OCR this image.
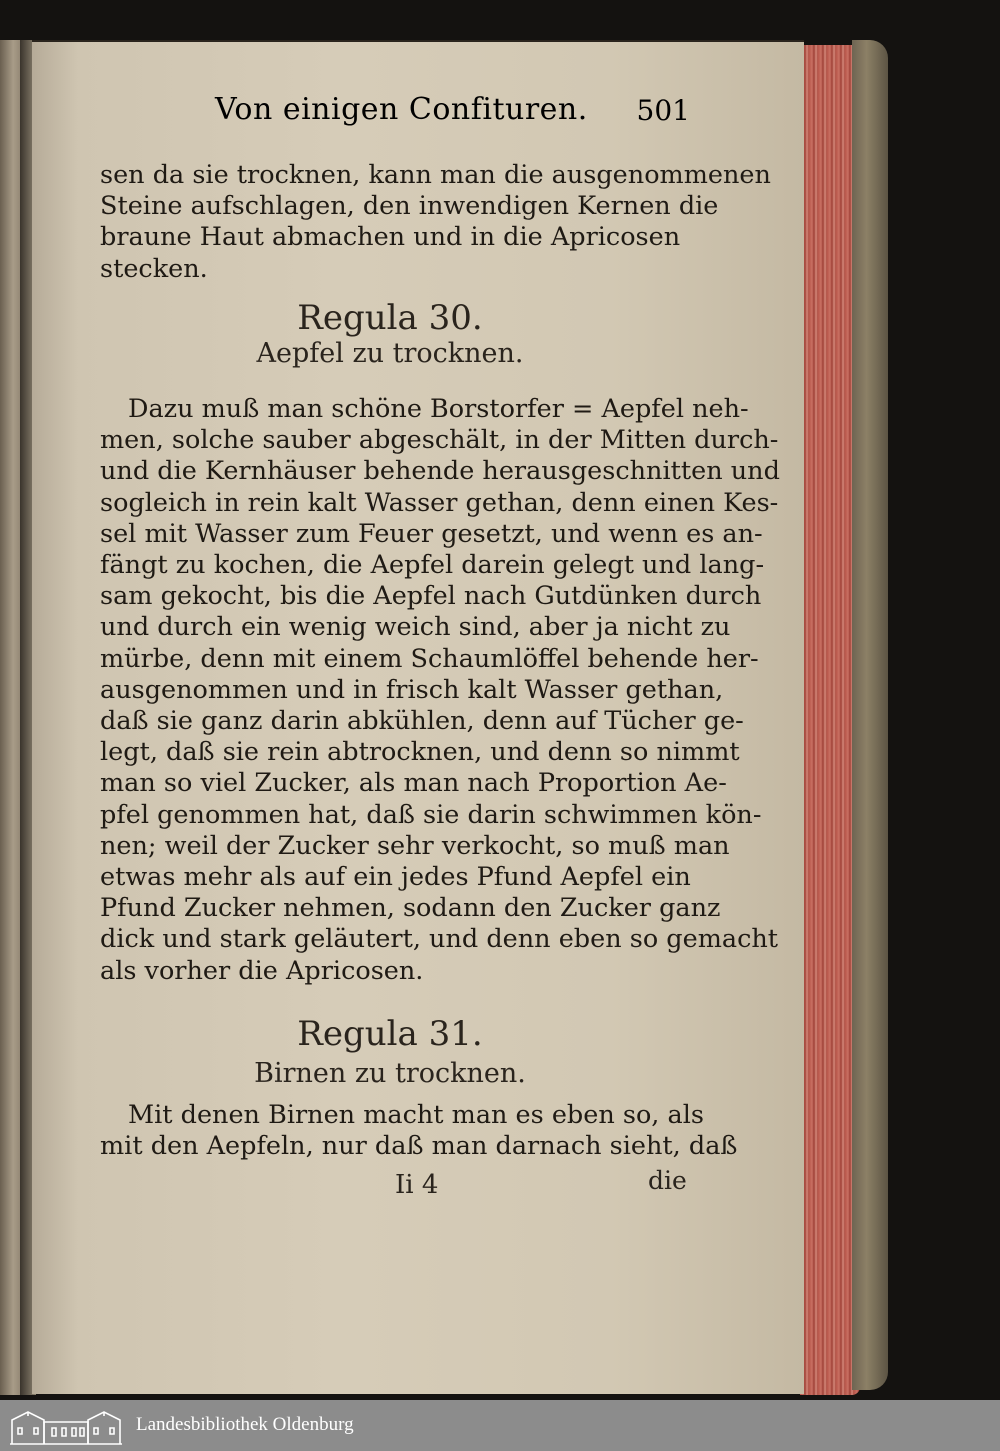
Von einigen Confituren. 501
sen da sie trocknen, kann man die ausgenommenen
Steine aufschlagen, den inwendigen Kernen die
braune Haut abmachen und in die Apricosen
stecken.
Regula 30.
Aepfel zu trocknen.
Dazu muß man schöne Borstorfer = Aepfel neh-
men, solche sauber abgeschält, in der Mitten durch-
und die Kernhäuser behende herausgeschnitten und
sogleich in rein kalt Wasser gethan, denn einen Kes-
sel mit Wasser zum Feuer gesetzt, und wenn es an-
fängt zu kochen, die Aepfel darein gelegt und lang-
sam gekocht, bis die Aepfel nach Gutdünken durch
und durch ein wenig weich sind, aber ja nicht zu
mürbe, denn mit einem Schaumlöffel behende her-
ausgenommen und in frisch kalt Wasser gethan,
daß sie ganz darin abkühlen, denn auf Tücher ge-
legt, daß sie rein abtrocknen, und denn so nimmt
man so viel Zucker, als man nach Proportion Ae-
pfel genommen hat, daß sie darin schwimmen kön-
nen; weil der Zucker sehr verkocht, so muß man
etwas mehr als auf ein jedes Pfund Aepfel ein
Pfund Zucker nehmen, sodann den Zucker ganz
dick und stark geläutert, und denn eben so gemacht
als vorher die Apricosen.
Regula 31.
Birnen zu trocknen.
Mit denen Birnen macht man es eben so, als
mit den Aepfeln, nur daß man darnach sieht, daß
Ii 4	die
Landesbibliothek Oldenburg
